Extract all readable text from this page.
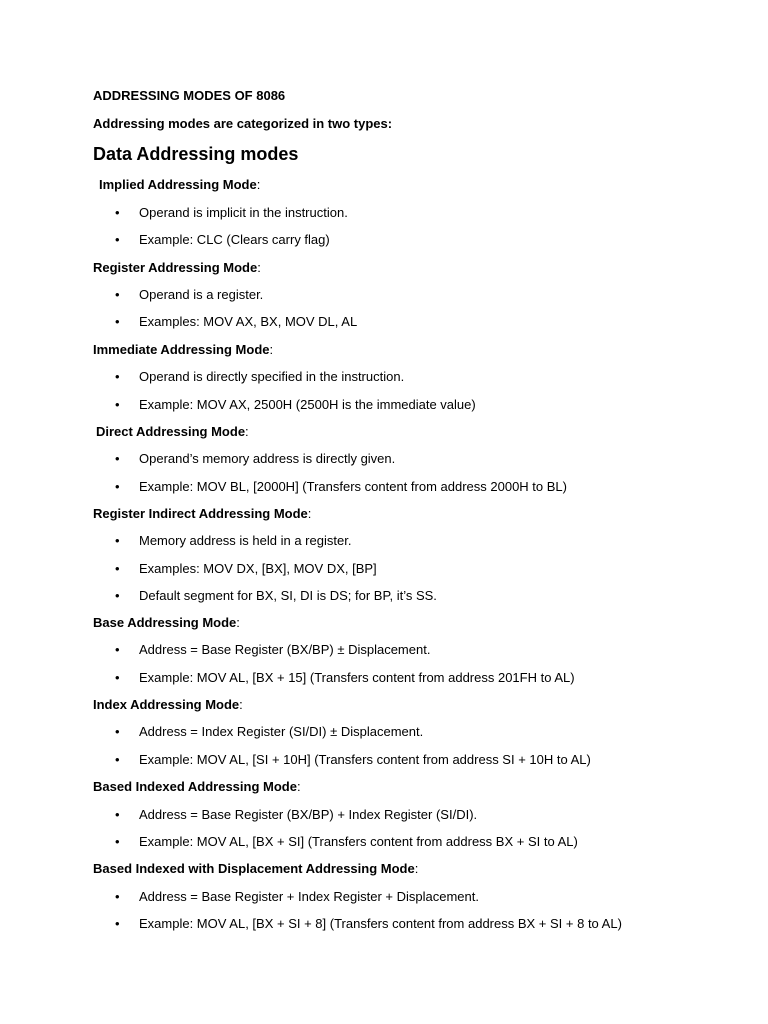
ADDRESSING MODES OF 8086
Addressing modes are categorized in two types:
Data Addressing modes
Implied Addressing Mode:
• Operand is implicit in the instruction.
• Example: CLC (Clears carry flag)
Register Addressing Mode:
• Operand is a register.
• Examples: MOV AX, BX, MOV DL, AL
Immediate Addressing Mode:
• Operand is directly specified in the instruction.
• Example: MOV AX, 2500H (2500H is the immediate value)
Direct Addressing Mode:
• Operand’s memory address is directly given.
• Example: MOV BL, [2000H] (Transfers content from address 2000H to BL)
Register Indirect Addressing Mode:
• Memory address is held in a register.
• Examples: MOV DX, [BX], MOV DX, [BP]
• Default segment for BX, SI, DI is DS; for BP, it’s SS.
Base Addressing Mode:
• Address = Base Register (BX/BP) ± Displacement.
• Example: MOV AL, [BX + 15] (Transfers content from address 201FH to AL)
Index Addressing Mode:
• Address = Index Register (SI/DI) ± Displacement.
• Example: MOV AL, [SI + 10H] (Transfers content from address SI + 10H to AL)
Based Indexed Addressing Mode:
• Address = Base Register (BX/BP) + Index Register (SI/DI).
• Example: MOV AL, [BX + SI] (Transfers content from address BX + SI to AL)
Based Indexed with Displacement Addressing Mode:
• Address = Base Register + Index Register + Displacement.
• Example: MOV AL, [BX + SI + 8] (Transfers content from address BX + SI + 8 to AL)
